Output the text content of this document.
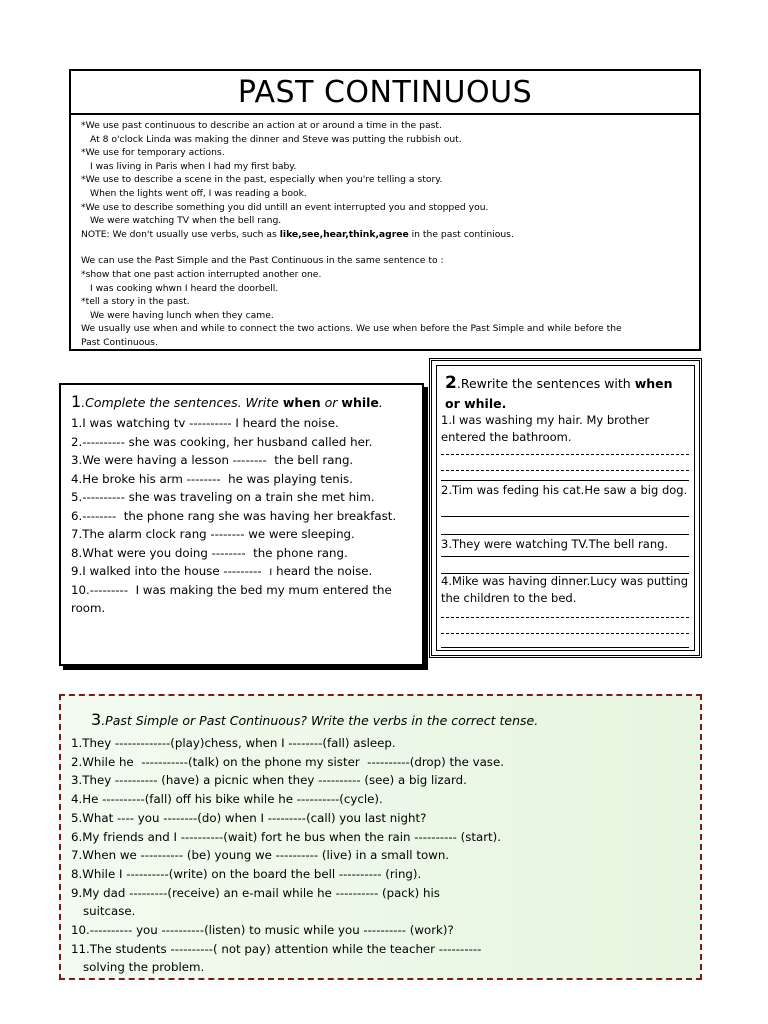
PAST CONTINUOUS
*We use past continuous to describe an action at or around a time in the past.
At 8 o'clock Linda was making the dinner and Steve was putting the rubbish out.
*We use for temporary actions.
I was living in Paris when I had my first baby.
*We use to describe a scene in the past, especially when you're telling a story.
When the lights went off, I was reading a book.
*We use to describe something you did untill an event interrupted you and stopped you.
We were watching TV when the bell rang.
NOTE: We don't usually use verbs, such as like,see,hear,think,agree in the past continious.
We can use the Past Simple and the Past Continuous in the same sentence to :
*show that one past action interrupted another one.
I was cooking whwn I heard the doorbell.
*tell a story in the past.
We were having lunch when they came.
We usually use when and while to connect the two actions. We use when before the Past Simple and while before the
Past Continuous.
1.Complete the sentences. Write when or while.
1.I was watching tv ---------- I heard the noise.
2.---------- she was cooking, her husband called her.
3.We were having a lesson --------  the bell rang.
4.He broke his arm --------  he was playing tenis.
5.---------- she was traveling on a train she met him.
6.--------  the phone rang she was having her breakfast.
7.The alarm clock rang -------- we were sleeping.
8.What were you doing --------  the phone rang.
9.I walked into the house ---------  ı heard the noise.
10.---------  I was making the bed my mum entered the room.
2.Rewrite the sentences with when
or while.
1.I was washing my hair. My brother entered the bathroom.
2.Tim was feding his cat.He saw a big dog.
3.They were watching TV.The bell rang.
4.Mike was having dinner.Lucy was putting the children to the bed.
3.Past Simple or Past Continuous? Write the verbs in the correct tense.
1.They -------------(play)chess, when I --------(fall) asleep.
2.While he  -----------(talk) on the phone my sister  ----------(drop) the vase.
3.They ---------- (have) a picnic when they ---------- (see) a big lizard.
4.He ----------(fall) off his bike while he ----------(cycle).
5.What ---- you --------(do) when I ---------(call) you last night?
6.My friends and I ----------(wait) fort he bus when the rain ---------- (start).
7.When we ---------- (be) young we ---------- (live) in a small town.
8.While I ----------(write) on the board the bell ---------- (ring).
9.My dad ---------(receive) an e-mail while he ---------- (pack) his
suitcase.
10.---------- you ----------(listen) to music while you ---------- (work)?
11.The students ----------( not pay) attention while the teacher ----------
solving the problem.
